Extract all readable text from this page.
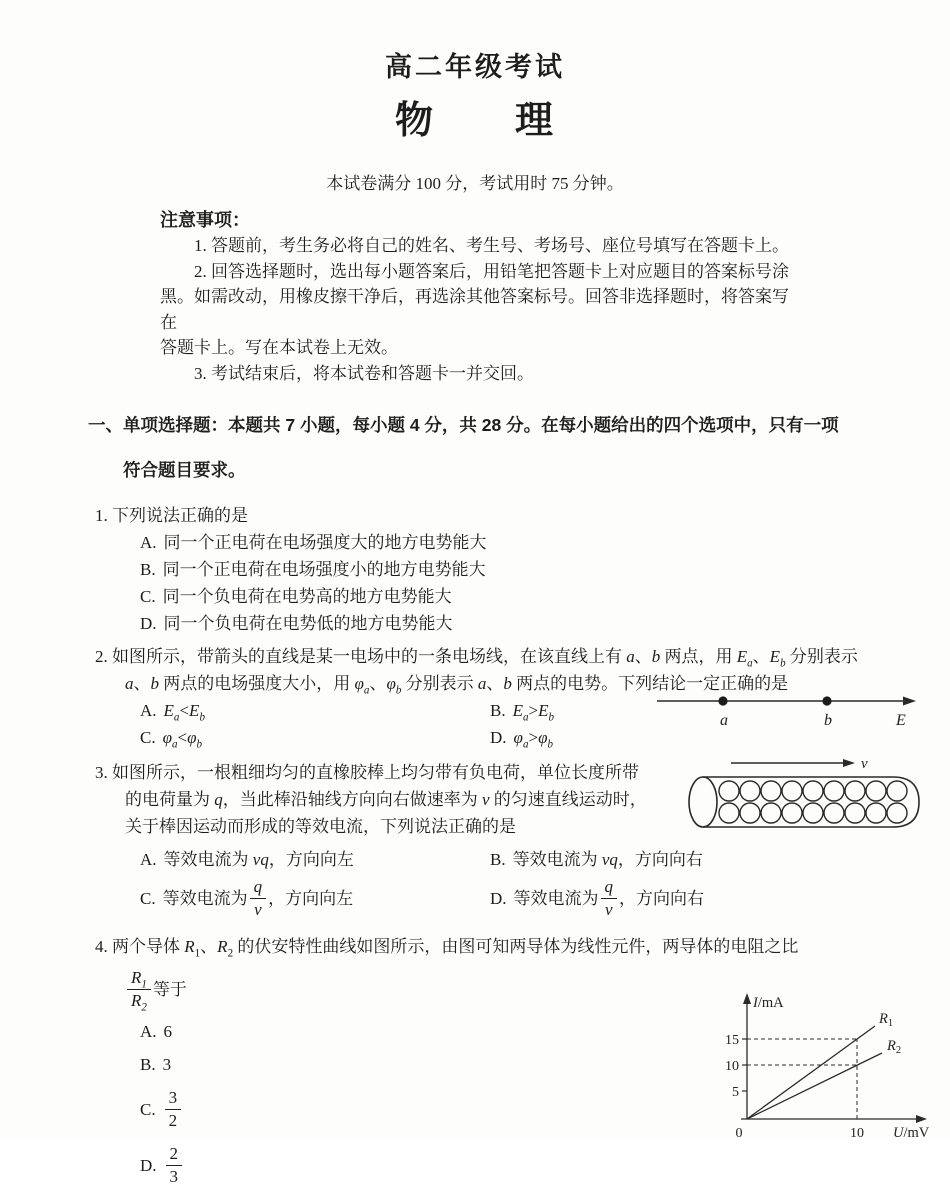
高二年级考试
物　　理
本试卷满分 100 分，考试用时 75 分钟。
注意事项：

1. 答题前，考生务必将自己的姓名、考生号、考场号、座位号填写在答题卡上。

2. 回答选择题时，选出每小题答案后，用铅笔把答题卡上对应题目的答案标号涂

黑。如需改动，用橡皮擦干净后，再选涂其他答案标号。回答非选择题时，将答案写在

答题卡上。写在本试卷上无效。

3. 考试结束后，将本试卷和答题卡一并交回。

一、单项选择题：本题共 7 小题，每小题 4 分，共 28 分。在每小题给出的四个选项中，只有一项

符合题目要求。

1. 下列说法正确的是

A. 同一个正电荷在电场强度大的地方电势能大
B. 同一个正电荷在电场强度小的地方电势能大
C. 同一个负电荷在电势高的地方电势能大
D. 同一个负电荷在电势低的地方电势能大

2. 如图所示，带箭头的直线是某一电场中的一条电场线，在该直线上有 a、b 两点，用 $E_a$、$E_b$ 分别表示

a、b 两点的电场强度大小，用 $\varphi_a$、$\varphi_b$ 分别表示 a、b 两点的电势。下列结论一定正确的是

A. $E_a<E_b$	B. $E_a>E_b$
C. $\varphi_a<\varphi_b$	D. $\varphi_a>\varphi_b$
a	b	E

3. 如图所示，一根粗细均匀的直橡胶棒上均匀带有负电荷，单位长度所带

的电荷量为 q，当此棒沿轴线方向向右做速率为 v 的匀速直线运动时，

关于棒因运动而形成的等效电流，下列说法正确的是

A. 等效电流为 vq，方向向左	B. 等效电流为 vq，方向向右
C. 等效电流为 $\frac{q}{v}$ ，方向向左	D. 等效电流为 $\frac{q}{v}$ ，方向向右
v

4. 两个导体 $R_1$、$R_2$ 的伏安特性曲线如图所示，由图可知两导体为线性元件，两导体的电阻之比

$\frac{R_1}{R_2}$ 等于
A. 6
B. 3
C. $\frac{3}{2}$
D. $\frac{2}{3}$
I/mA
U/mV
15
10
5
0	10
$R_1$
$R_2$
